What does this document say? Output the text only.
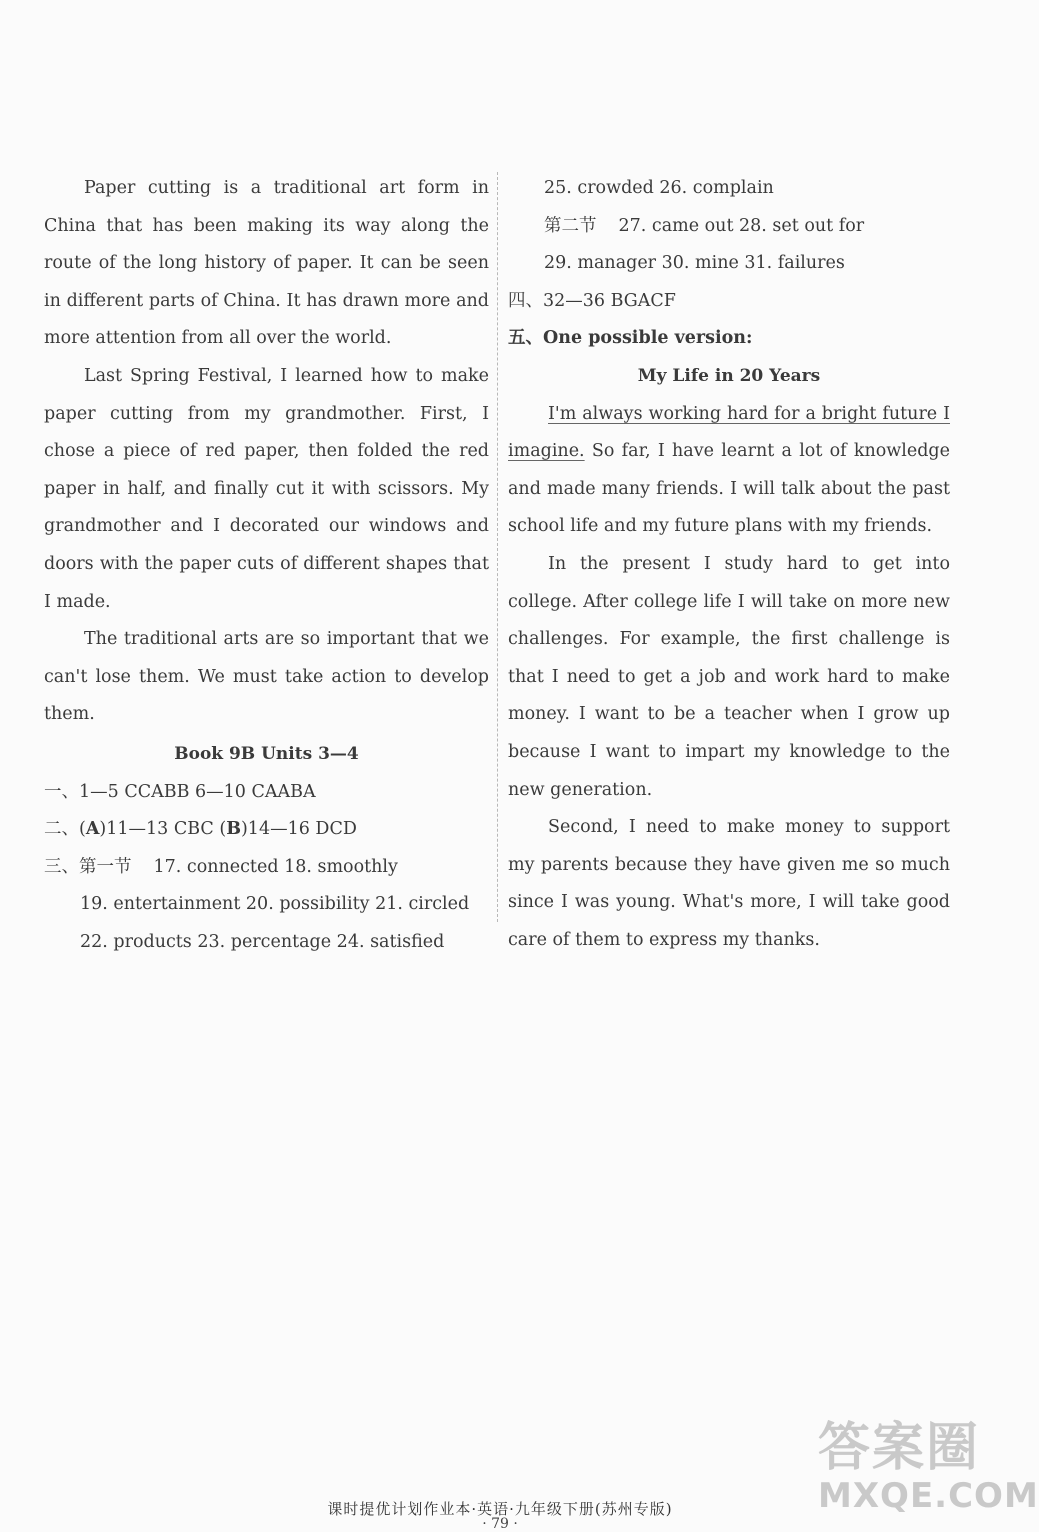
Paper cutting is a traditional art form in China that has been making its way along the route of the long history of paper. It can be seen in different parts of China. It has drawn more and more attention from all over the world.

Last Spring Festival, I learned how to make paper cutting from my grandmother. First, I chose a piece of red paper, then folded the red paper in half, and finally cut it with scissors. My grandmother and I decorated our windows and doors with the paper cuts of different shapes that I made.

The traditional arts are so important that we can't lose them. We must take action to develop them.

Book 9B Units 3—4
一、1—5 CCABB 6—10 CAABA
二、(A)11—13 CBC (B)14—16 DCD
三、第一节 17. connected 18. smoothly
19. entertainment 20. possibility 21. circled
22. products 23. percentage 24. satisfied
25. crowded 26. complain
第二节 27. came out 28. set out for
29. manager 30. mine 31. failures
四、32—36 BGACF
五、One possible version:
My Life in 20 Years

I'm always working hard for a bright future I imagine. So far, I have learnt a lot of knowledge and made many friends. I will talk about the past school life and my future plans with my friends.

In the present I study hard to get into college. After college life I will take on more new challenges. For example, the first challenge is that I need to get a job and work hard to make money. I want to be a teacher when I grow up because I want to impart my knowledge to the new generation.

Second, I need to make money to support my parents because they have given me so much since I was young. What's more, I will take good care of them to express my thanks.

答案圈
MXQE.COM
课时提优计划作业本·英语·九年级下册(苏州专版)
· 79 ·
